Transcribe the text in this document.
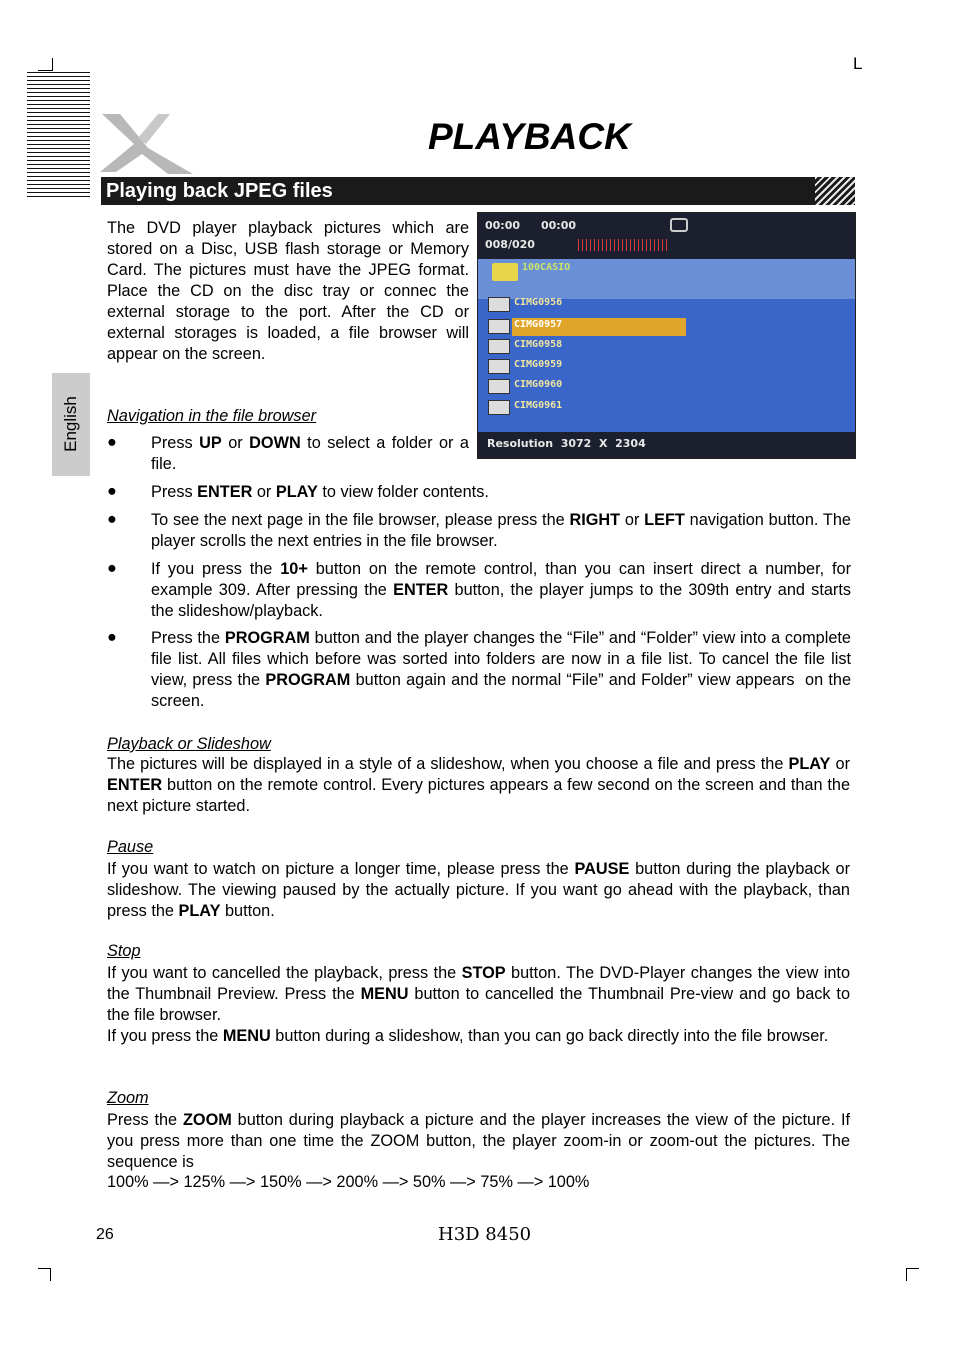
L
PLAYBACK
Playing back JPEG files
English
The DVD player playback pictures which are stored on a Disc, USB flash storage or Memory Card. The pictures must have the JPEG format. Place the CD on the disc tray or connec the external storage to the port. After the CD or external storages is loaded, a file browser will appear on the screen.
00:00 00:00
008/020
100CASIO
CIMG0956
CIMG0957
CIMG0958
CIMG0959
CIMG0960
CIMG0961
Resolution  3072  X  2304
Navigation in the file browser
● Press UP or DOWN to select a folder or a file.
● Press ENTER or PLAY to view folder contents.
● To see the next page in the file browser, please press the RIGHT or LEFT navigation button. The player scrolls the next entries in the file browser.
● If you press the 10+ button on the remote control, than you can insert direct a number, for example 309. After pressing the ENTER button, the player jumps to the 309th entry and starts the slideshow/playback.
● Press the PROGRAM button and the player changes the “File” and “Folder” view into a complete file list. All files which before was sorted into folders are now in a file list. To cancel the file list view, press the PROGRAM button again and the normal “File” and Folder” view appears  on the screen.
Playback or Slideshow
The pictures will be displayed in a style of a slideshow, when you choose a file and press the PLAY or ENTER button on the remote control. Every pictures appears a few second on the screen and than the next picture started.
Pause
If you want to watch on picture a longer time, please press the PAUSE button during the playback or slideshow. The viewing paused by the actually picture. If you want go ahead with the playback, than press the PLAY button.
Stop
If you want to cancelled the playback, press the STOP button. The DVD-Player changes the view into the Thumbnail Preview. Press the MENU button to cancelled the Thumbnail Pre-view and go back to the file browser.
If you press the MENU button during a slideshow, than you can go back directly into the file browser.
Zoom
Press the ZOOM button during playback a picture and the player increases the view of the picture. If you press more than one time the ZOOM button, the player zoom-in or zoom-out the pictures. The sequence is
100% —> 125% —> 150% —> 200% —> 50% —> 75% —> 100%
26	H3D 8450
